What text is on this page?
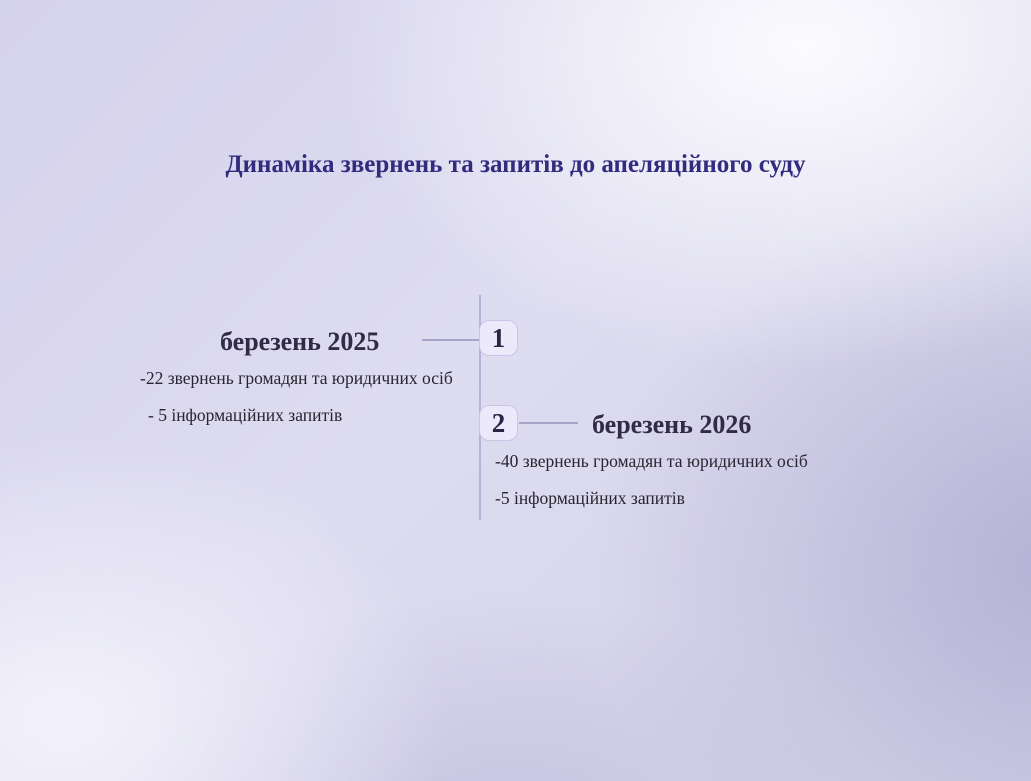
Динаміка звернень та запитів до апеляційного суду
1
березень 2025

-22 звернень громадян та юридичних осіб

- 5 інформаційних запитів	2	березень 2026

-40 звернень громадян та юридичних осіб

-5 інформаційних запитів
